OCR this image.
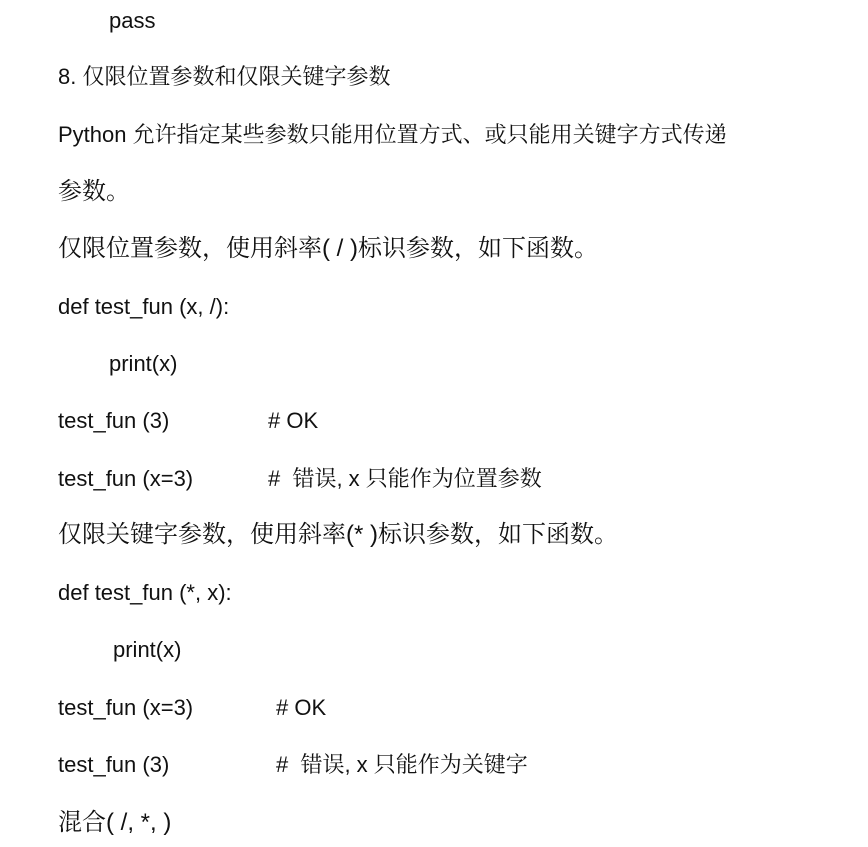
pass
8. 仅限位置参数和仅限关键字参数
Python 允许指定某些参数只能用位置方式、或只能用关键字方式传递
参数。
仅限位置参数，使用斜率( / )标识参数，如下函数。
def test_fun (x, /):
print(x)
test_fun (3)	# OK
test_fun (x=3)	#  错误, x 只能作为位置参数
仅限关键字参数，使用斜率(* )标识参数，如下函数。
def test_fun (*, x):
print(x)
test_fun (x=3)	# OK
test_fun (3)	#  错误, x 只能作为关键字
混合( /, *, )
